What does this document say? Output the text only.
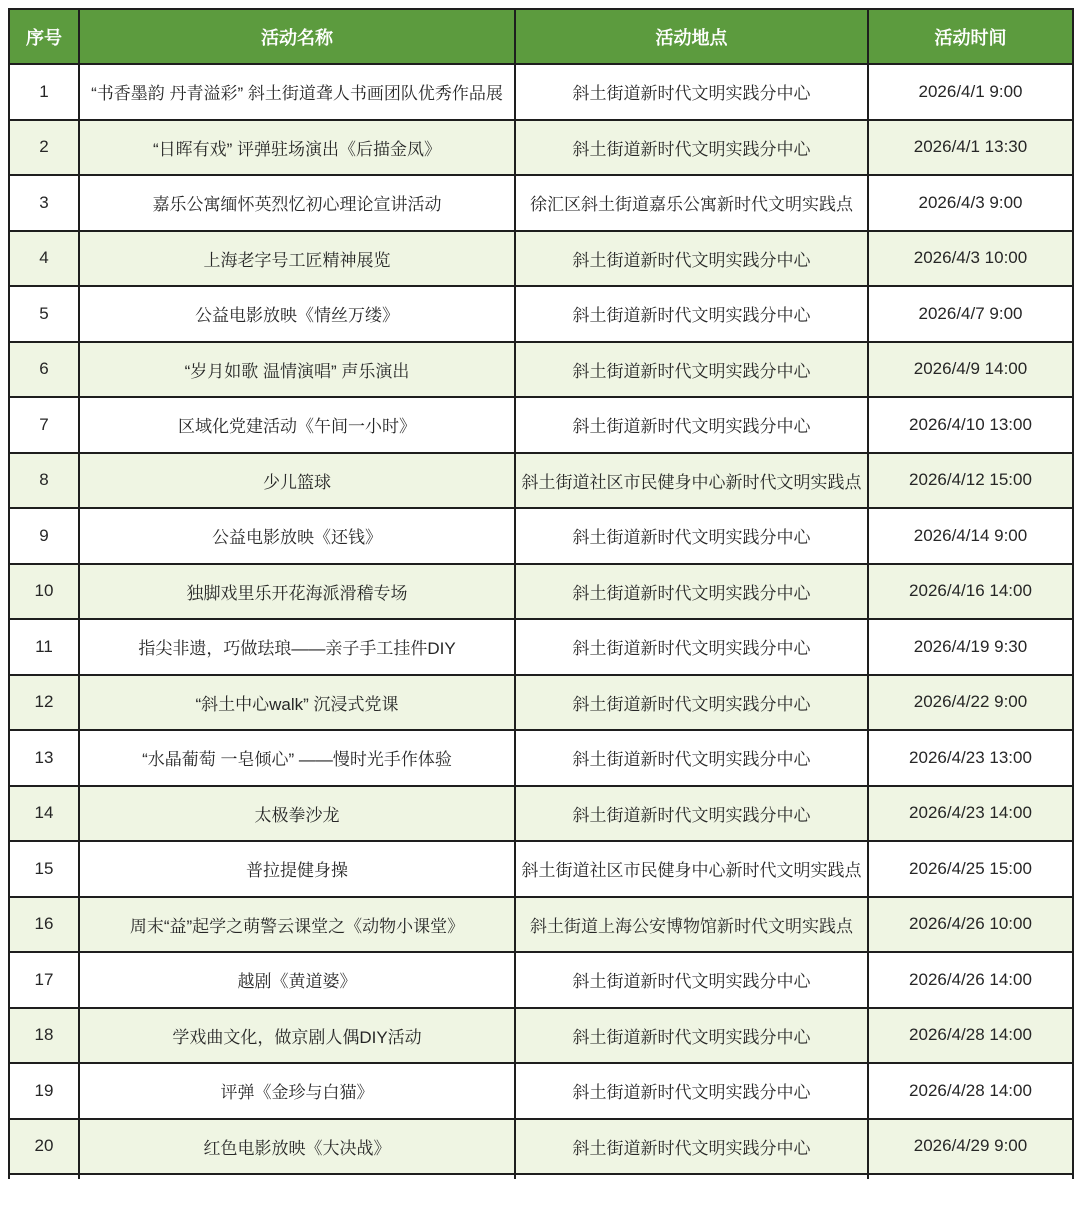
序号	活动名称	活动地点	活动时间
1	“书香墨韵 丹青溢彩” 斜土街道聋人书画团队优秀作品展	斜土街道新时代文明实践分中心	2026/4/1 9:00
2	“日晖有戏” 评弹驻场演出《后描金凤》	斜土街道新时代文明实践分中心	2026/4/1 13:30
3	嘉乐公寓缅怀英烈忆初心理论宣讲活动	徐汇区斜土街道嘉乐公寓新时代文明实践点	2026/4/3 9:00
4	上海老字号工匠精神展览	斜土街道新时代文明实践分中心	2026/4/3 10:00
5	公益电影放映《情丝万缕》	斜土街道新时代文明实践分中心	2026/4/7 9:00
6	“岁月如歌 温情演唱” 声乐演出	斜土街道新时代文明实践分中心	2026/4/9 14:00
7	区域化党建活动《午间一小时》	斜土街道新时代文明实践分中心	2026/4/10 13:00
8	少儿篮球	斜土街道社区市民健身中心新时代文明实践点	2026/4/12 15:00
9	公益电影放映《还钱》	斜土街道新时代文明实践分中心	2026/4/14 9:00
10	独脚戏里乐开花海派滑稽专场	斜土街道新时代文明实践分中心	2026/4/16 14:00
11	指尖非遗，巧做珐琅——亲子手工挂件DIY	斜土街道新时代文明实践分中心	2026/4/19 9:30
12	“斜土中心walk” 沉浸式党课	斜土街道新时代文明实践分中心	2026/4/22 9:00
13	“水晶葡萄 一皂倾心” ——慢时光手作体验	斜土街道新时代文明实践分中心	2026/4/23 13:00
14	太极拳沙龙	斜土街道新时代文明实践分中心	2026/4/23 14:00
15	普拉提健身操	斜土街道社区市民健身中心新时代文明实践点	2026/4/25 15:00
16	周末“益”起学之萌警云课堂之《动物小课堂》	斜土街道上海公安博物馆新时代文明实践点	2026/4/26 10:00
17	越剧《黄道婆》	斜土街道新时代文明实践分中心	2026/4/26 14:00
18	学戏曲文化，做京剧人偶DIY活动	斜土街道新时代文明实践分中心	2026/4/28 14:00
19	评弹《金珍与白猫》	斜土街道新时代文明实践分中心	2026/4/28 14:00
20	红色电影放映《大决战》	斜土街道新时代文明实践分中心	2026/4/29 9:00
